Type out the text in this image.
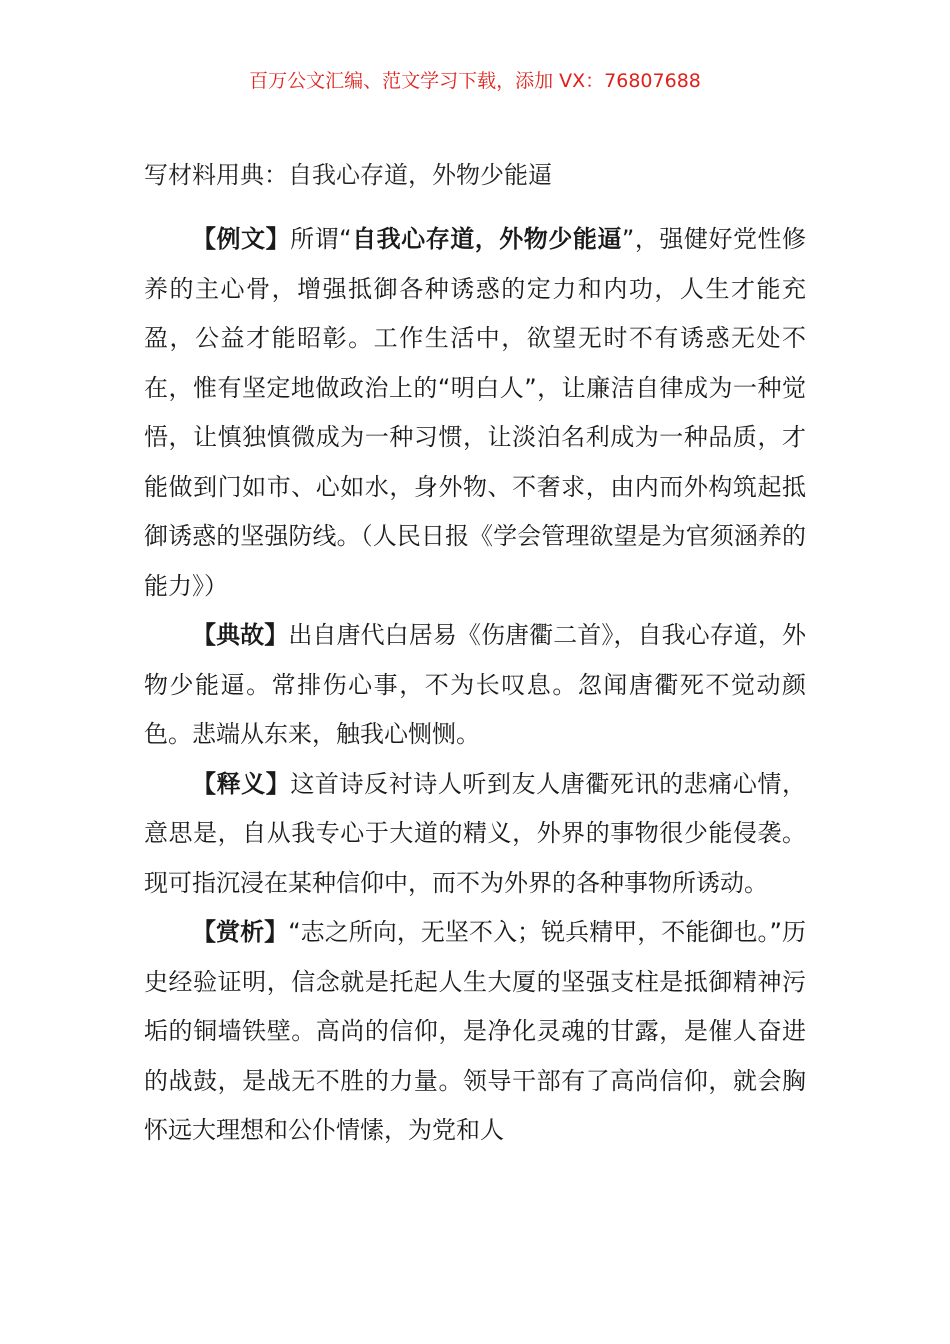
百万公文汇编、范文学习下载，添加 VX：76807688
写材料用典：自我心存道，外物少能逼

【例文】所谓“自我心存道，外物少能逼”，强健好党性修养的主心骨，增强抵御各种诱惑的定力和内功，人生才能充盈，公益才能昭彰。工作生活中，欲望无时不有诱惑无处不在，惟有坚定地做政治上的“明白人”，让廉洁自律成为一种觉悟，让慎独慎微成为一种习惯，让淡泊名利成为一种品质，才能做到门如市、心如水，身外物、不奢求，由内而外构筑起抵御诱惑的坚强防线。（人民日报《学会管理欲望是为官须涵养的能力》）

【典故】出自唐代白居易《伤唐衢二首》，自我心存道，外物少能逼。常排伤心事，不为长叹息。忽闻唐衢死不觉动颜色。悲端从东来，触我心恻恻。

【释义】这首诗反衬诗人听到友人唐衢死讯的悲痛心情，意思是，自从我专心于大道的精义，外界的事物很少能侵袭。现可指沉浸在某种信仰中，而不为外界的各种事物所诱动。

【赏析】“志之所向，无坚不入；锐兵精甲，不能御也。”历史经验证明，信念就是托起人生大厦的坚强支柱是抵御精神污垢的铜墙铁壁。高尚的信仰，是净化灵魂的甘露，是催人奋进的战鼓，是战无不胜的力量。领导干部有了高尚信仰，就会胸怀远大理想和公仆情愫，为党和人
